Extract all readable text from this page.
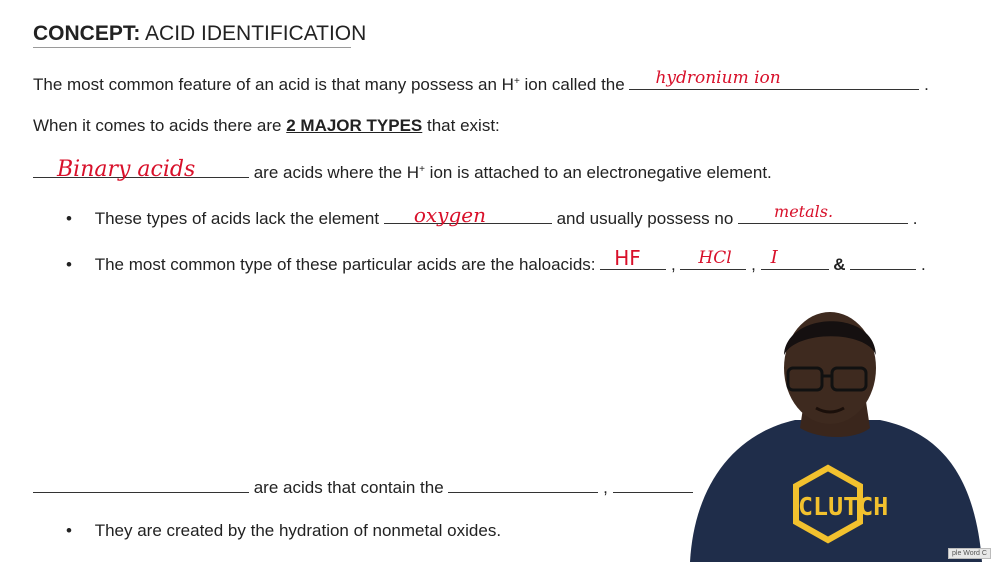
CONCEPT: ACID IDENTIFICATION
The most common feature of an acid is that many possess an H+ ion called the hydronium ion	.
When it comes to acids there are 2 MAJOR TYPES that exist:
Binary acids	are acids where the H+ ion is attached to an electronegative element.
• These types of acids lack the element oxygen	and usually possess no metals.	.
• The most common type of these particular acids are the haloacids: HF , HCl , I	&	.
are acids that contain the	,
• They are created by the hydration of nonmetal oxides.
CLUTCH
ple Word C
